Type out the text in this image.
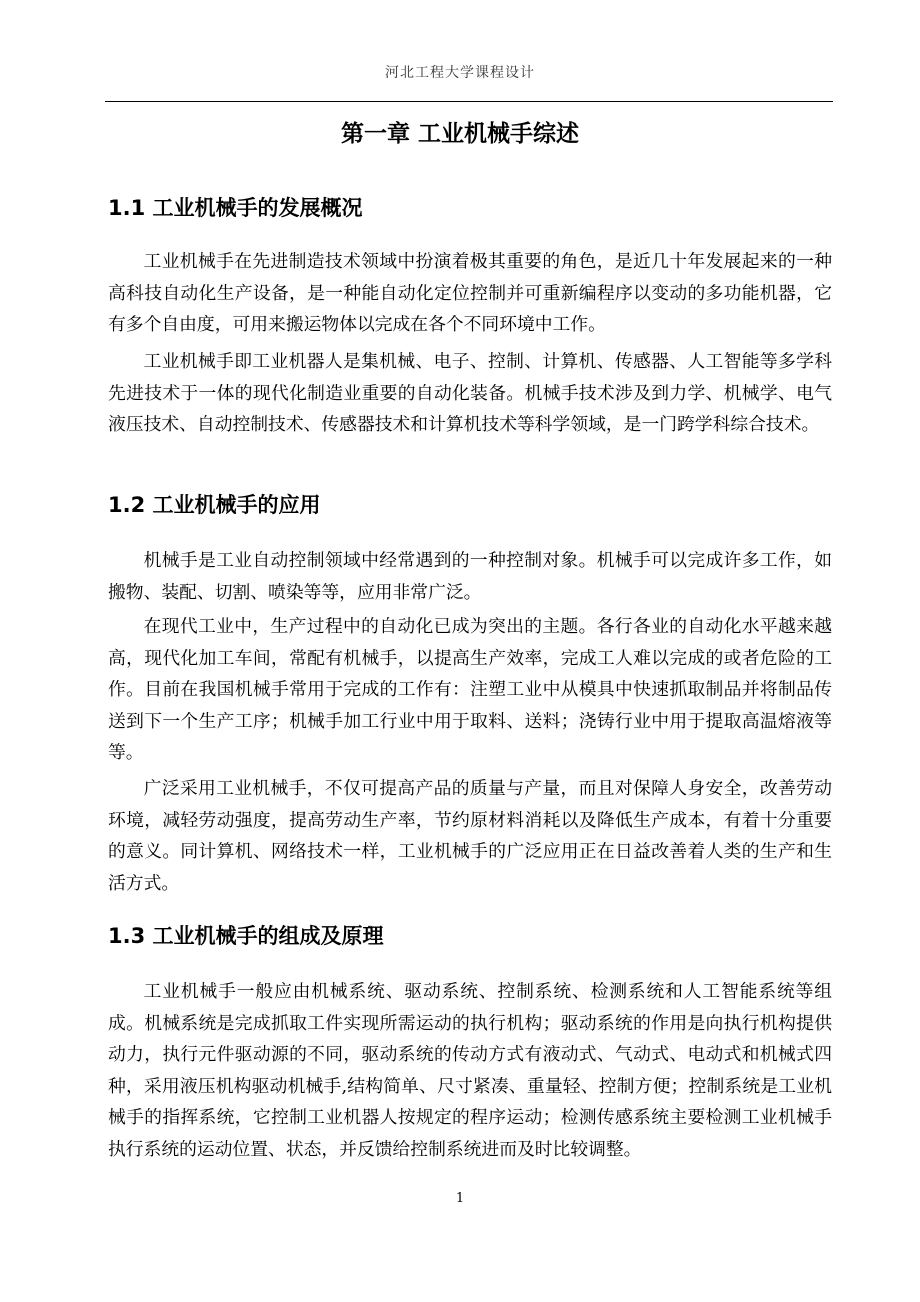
河北工程大学课程设计
第一章 工业机械手综述
1.1 工业机械手的发展概况

工业机械手在先进制造技术领域中扮演着极其重要的角色，是近几十年发展起来的一种高科技自动化生产设备，是一种能自动化定位控制并可重新编程序以变动的多功能机器，它有多个自由度，可用来搬运物体以完成在各个不同环境中工作。

工业机械手即工业机器人是集机械、电子、控制、计算机、传感器、人工智能等多学科先进技术于一体的现代化制造业重要的自动化装备。机械手技术涉及到力学、机械学、电气液压技术、自动控制技术、传感器技术和计算机技术等科学领域，是一门跨学科综合技术。

1.2 工业机械手的应用

机械手是工业自动控制领域中经常遇到的一种控制对象。机械手可以完成许多工作，如搬物、装配、切割、喷染等等，应用非常广泛。

在现代工业中，生产过程中的自动化已成为突出的主题。各行各业的自动化水平越来越高，现代化加工车间，常配有机械手，以提高生产效率，完成工人难以完成的或者危险的工作。目前在我国机械手常用于完成的工作有：注塑工业中从模具中快速抓取制品并将制品传送到下一个生产工序；机械手加工行业中用于取料、送料；浇铸行业中用于提取高温熔液等等。

广泛采用工业机械手，不仅可提高产品的质量与产量，而且对保障人身安全，改善劳动环境，减轻劳动强度，提高劳动生产率，节约原材料消耗以及降低生产成本，有着十分重要的意义。同计算机、网络技术一样，工业机械手的广泛应用正在日益改善着人类的生产和生活方式。

1.3 工业机械手的组成及原理

工业机械手一般应由机械系统、驱动系统、控制系统、检测系统和人工智能系统等组成。机械系统是完成抓取工件实现所需运动的执行机构；驱动系统的作用是向执行机构提供动力，执行元件驱动源的不同，驱动系统的传动方式有液动式、气动式、电动式和机械式四种，采用液压机构驱动机械手,结构简单、尺寸紧凑、重量轻、控制方便；控制系统是工业机械手的指挥系统，它控制工业机器人按规定的程序运动；检测传感系统主要检测工业机械手执行系统的运动位置、状态，并反馈给控制系统进而及时比较调整。

1
